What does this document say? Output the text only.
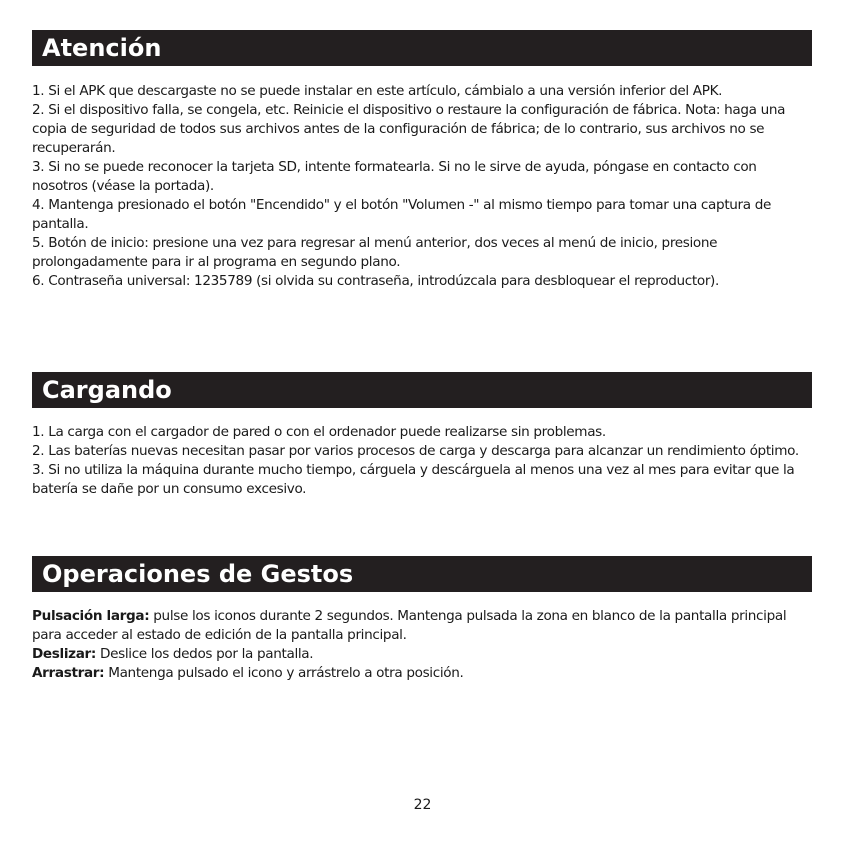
Atención
1. Si el APK que descargaste no se puede instalar en este artículo, cámbialo a una versión inferior del APK.
2. Si el dispositivo falla, se congela, etc. Reinicie el dispositivo o restaure la configuración de fábrica. Nota: haga una copia de seguridad de todos sus archivos antes de la configuración de fábrica; de lo contrario, sus archivos no se recuperarán.
3. Si no se puede reconocer la tarjeta SD, intente formatearla. Si no le sirve de ayuda, póngase en contacto con nosotros (véase la portada).
4. Mantenga presionado el botón "Encendido" y el botón "Volumen -" al mismo tiempo para tomar una captura de pantalla.
5. Botón de inicio: presione una vez para regresar al menú anterior, dos veces al menú de inicio, presione prolongadamente para ir al programa en segundo plano.
6. Contraseña universal: 1235789 (si olvida su contraseña, introdúzcala para desbloquear el reproductor).
Cargando
1. La carga con el cargador de pared o con el ordenador puede realizarse sin problemas.
2. Las baterías nuevas necesitan pasar por varios procesos de carga y descarga para alcanzar un rendimiento óptimo.
3. Si no utiliza la máquina durante mucho tiempo, cárguela y descárguela al menos una vez al mes para evitar que la batería se dañe por un consumo excesivo.
Operaciones de Gestos
Pulsación larga: pulse los iconos durante 2 segundos. Mantenga pulsada la zona en blanco de la pantalla principal para acceder al estado de edición de la pantalla principal.
Deslizar: Deslice los dedos por la pantalla.
Arrastrar: Mantenga pulsado el icono y arrástrelo a otra posición.
22
